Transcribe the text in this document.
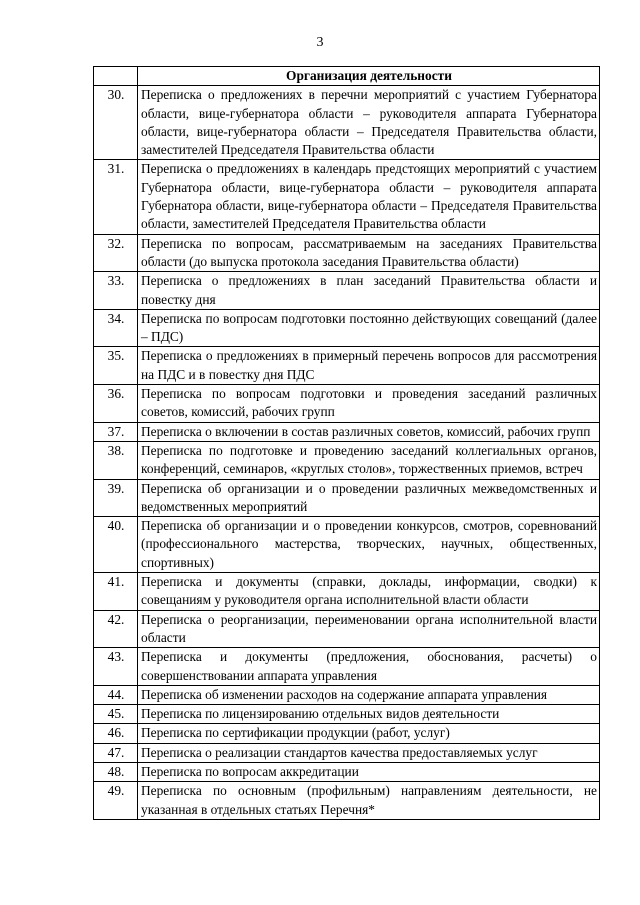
3
	Организация деятельности
30.	Переписка о предложениях в перечни мероприятий с участием Губернатора области, вице-губернатора области – руководителя аппарата Губернатора области, вице-губернатора области – Председателя Правительства области, заместителей Председателя Правительства области
31.	Переписка о предложениях в календарь предстоящих мероприятий с участием Губернатора области, вице-губернатора области – руководителя аппарата Губернатора области, вице-губернатора области – Председателя Правительства области, заместителей Председателя Правительства области
32.	Переписка по вопросам, рассматриваемым на заседаниях Правительства области (до выпуска протокола заседания Правительства области)
33.	Переписка о предложениях в план заседаний Правительства области и повестку дня
34.	Переписка по вопросам подготовки постоянно действующих совещаний (далее – ПДС)
35.	Переписка о предложениях в примерный перечень вопросов для рассмотрения на ПДС и в повестку дня ПДС
36.	Переписка по вопросам подготовки и проведения заседаний различных советов, комиссий, рабочих групп
37.	Переписка о включении в состав различных советов, комиссий, рабочих групп
38.	Переписка по подготовке и проведению заседаний коллегиальных органов, конференций, семинаров, «круглых столов», торжественных приемов, встреч
39.	Переписка об организации и о проведении различных межведомственных и ведомственных мероприятий
40.	Переписка об организации и о проведении конкурсов, смотров, соревнований (профессионального мастерства, творческих, научных, общественных, спортивных)
41.	Переписка и документы (справки, доклады, информации, сводки) к совещаниям у руководителя органа исполнительной власти области
42.	Переписка о реорганизации, переименовании органа исполнительной власти области
43.	Переписка и документы (предложения, обоснования, расчеты) о совершенствовании аппарата управления
44.	Переписка об изменении расходов на содержание аппарата управления
45.	Переписка по лицензированию отдельных видов деятельности
46.	Переписка по сертификации продукции (работ, услуг)
47.	Переписка о реализации стандартов качества предоставляемых услуг
48.	Переписка по вопросам аккредитации
49.	Переписка по основным (профильным) направлениям деятельности, не указанная в отдельных статьях Перечня*
